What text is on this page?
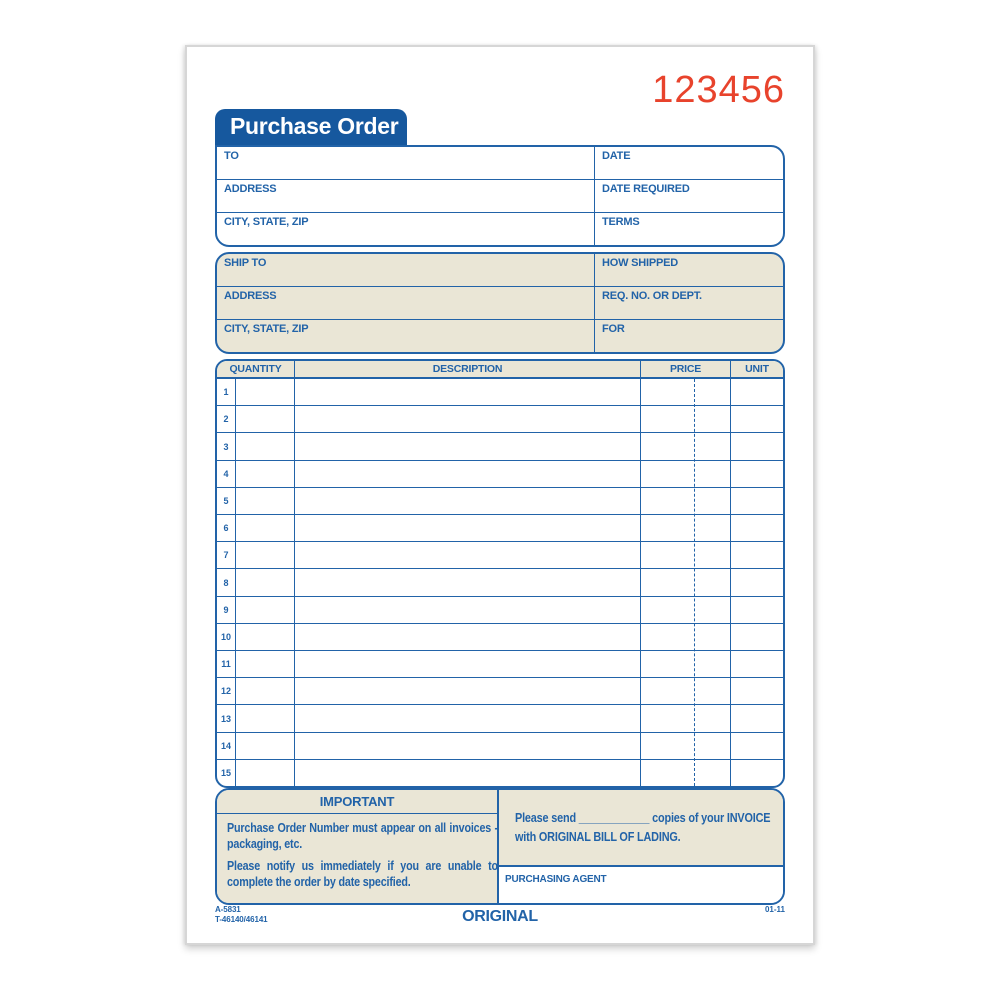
123456
Purchase Order
TO	DATE
ADDRESS	DATE REQUIRED
CITY, STATE, ZIP	TERMS
SHIP TO	HOW SHIPPED
ADDRESS	REQ. NO. OR DEPT.
CITY, STATE, ZIP	FOR
QUANTITY	DESCRIPTION	PRICE	UNIT
1
2
3
4
5
6
7
8
9
10
11
12
13
14
15
IMPORTANT

Purchase Order Number must appear on all invoices - packaging, etc.

Please notify us immediately if you are unable to complete the order by date specified.

Please send ____________ copies of your INVOICE
with ORIGINAL BILL OF LADING.
PURCHASING AGENT
A-5831
T-46140/46141	ORIGINAL	01-11
